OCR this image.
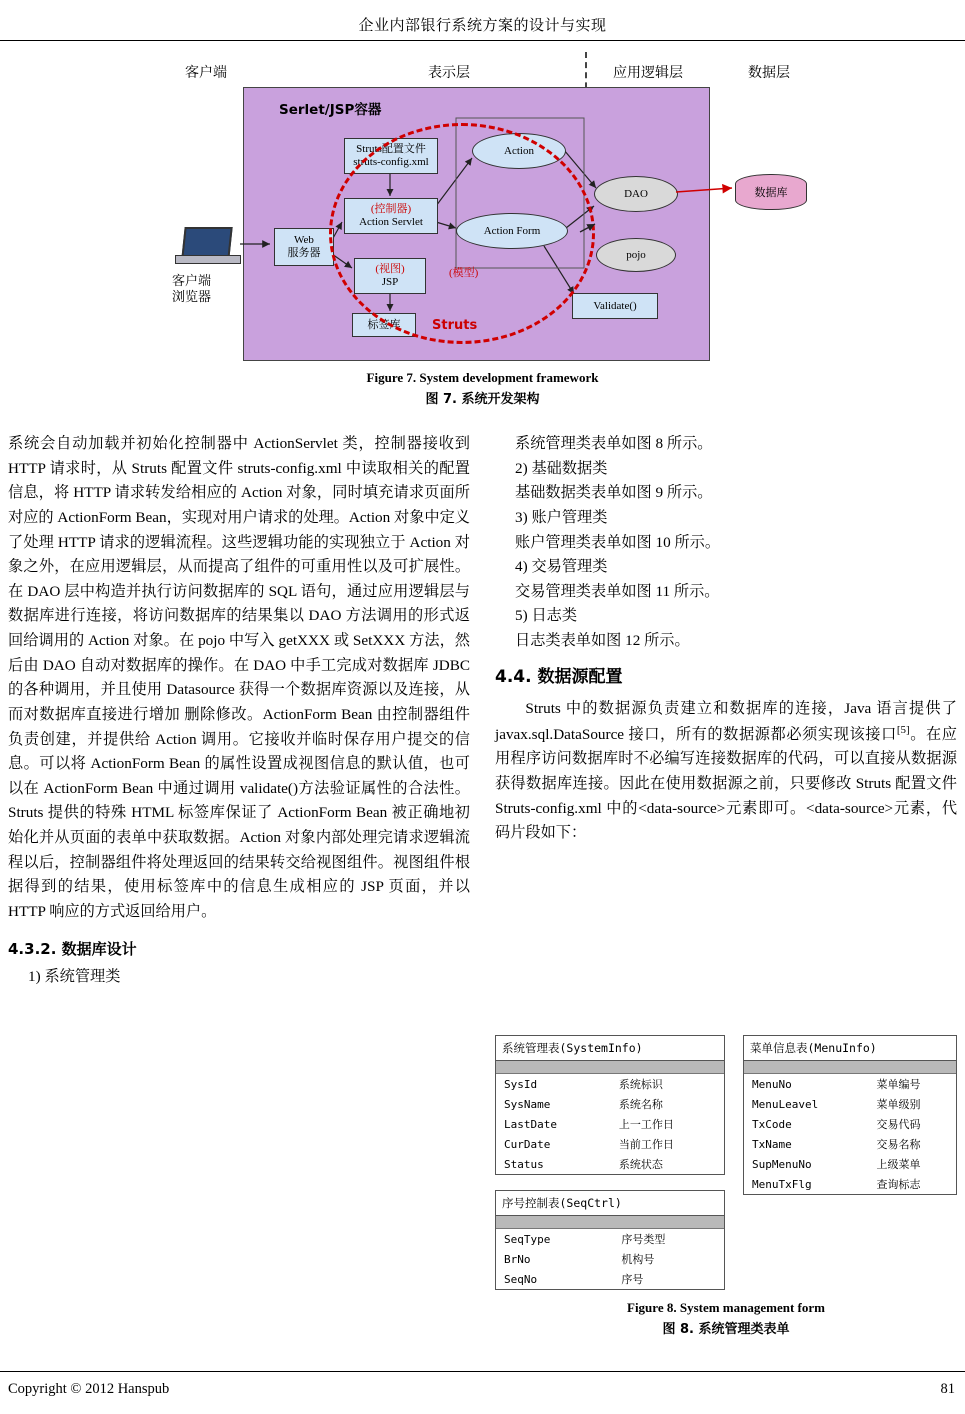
企业内部银行系统方案的设计与实现
客户端	表示层	应用逻辑层	数据层
客户端
浏览器
数据库
Serlet/JSP容器
Struts配置文件
struts-config.xml
(控制器)
Action Servlet
(视图)
JSP
标签库
Web
服务器
Action
Action Form
Validate()
DAO
pojo
(模型)
Struts
Figure 7. System development framework
图 7. 系统开发架构

系统会自动加载并初始化控制器中 ActionServlet 类，控制器接收到 HTTP 请求时，从 Struts 配置文件 struts-config.xml 中读取相关的配置信息，将 HTTP 请求转发给相应的 Action 对象，同时填充请求页面所对应的 ActionForm Bean，实现对用户请求的处理。Action 对象中定义了处理 HTTP 请求的逻辑流程。这些逻辑功能的实现独立于 Action 对象之外，在应用逻辑层，从而提高了组件的可重用性以及可扩展性。在 DAO 层中构造并执行访问数据库的 SQL 语句，通过应用逻辑层与数据库进行连接，将访问数据库的结果集以 DAO 方法调用的形式返回给调用的 Action 对象。在 pojo 中写入 getXXX 或 SetXXX 方法，然后由 DAO 自动对数据库的操作。在 DAO 中手工完成对数据库 JDBC 的各种调用，并且使用 Datasource 获得一个数据库资源以及连接，从而对数据库直接进行增加 删除修改。ActionForm Bean 由控制器组件负责创建，并提供给 Action 调用。它接收并临时保存用户提交的信息。可以将 ActionForm Bean 的属性设置成视图信息的默认值，也可以在 ActionForm Bean 中通过调用 validate()方法验证属性的合法性。Struts 提供的特殊 HTML 标签库保证了 ActionForm Bean 被正确地初始化并从页面的表单中获取数据。Action 对象内部处理完请求逻辑流程以后，控制器组件将处理返回的结果转交给视图组件。视图组件根据得到的结果，使用标签库中的信息生成相应的 JSP 页面，并以 HTTP 响应的方式返回给用户。

4.3.2. 数据库设计

1) 系统管理类

系统管理类表单如图 8 所示。

2) 基础数据类

基础数据类表单如图 9 所示。

3) 账户管理类

账户管理类表单如图 10 所示。

4) 交易管理类

交易管理类表单如图 11 所示。

5) 日志类

日志类表单如图 12 所示。

4.4. 数据源配置

Struts 中的数据源负责建立和数据库的连接，Java 语言提供了 javax.sql.DataSource 接口，所有的数据源都必须实现该接口[5]。在应用程序访问数据库时不必编写连接数据库的代码，可以直接从数据源获得数据库连接。因此在使用数据源之前，只要修改 Struts 配置文件 Struts-config.xml 中的<data-source>元素即可。<data-source>元素，代码片段如下：

系统管理表(SystemInfo)
SysId	系统标识
SysName	系统名称
LastDate	上一工作日
CurDate	当前工作日
Status	系统状态
菜单信息表(MenuInfo)
MenuNo	菜单编号
MenuLeavel	菜单级别
TxCode	交易代码
TxName	交易名称
SupMenuNo	上级菜单
MenuTxFlg	查询标志
序号控制表(SeqCtrl)
SeqType	序号类型
BrNo	机构号
SeqNo	序号
Figure 8. System management form
图 8. 系统管理类表单
Copyright © 2012 Hanspub	81
